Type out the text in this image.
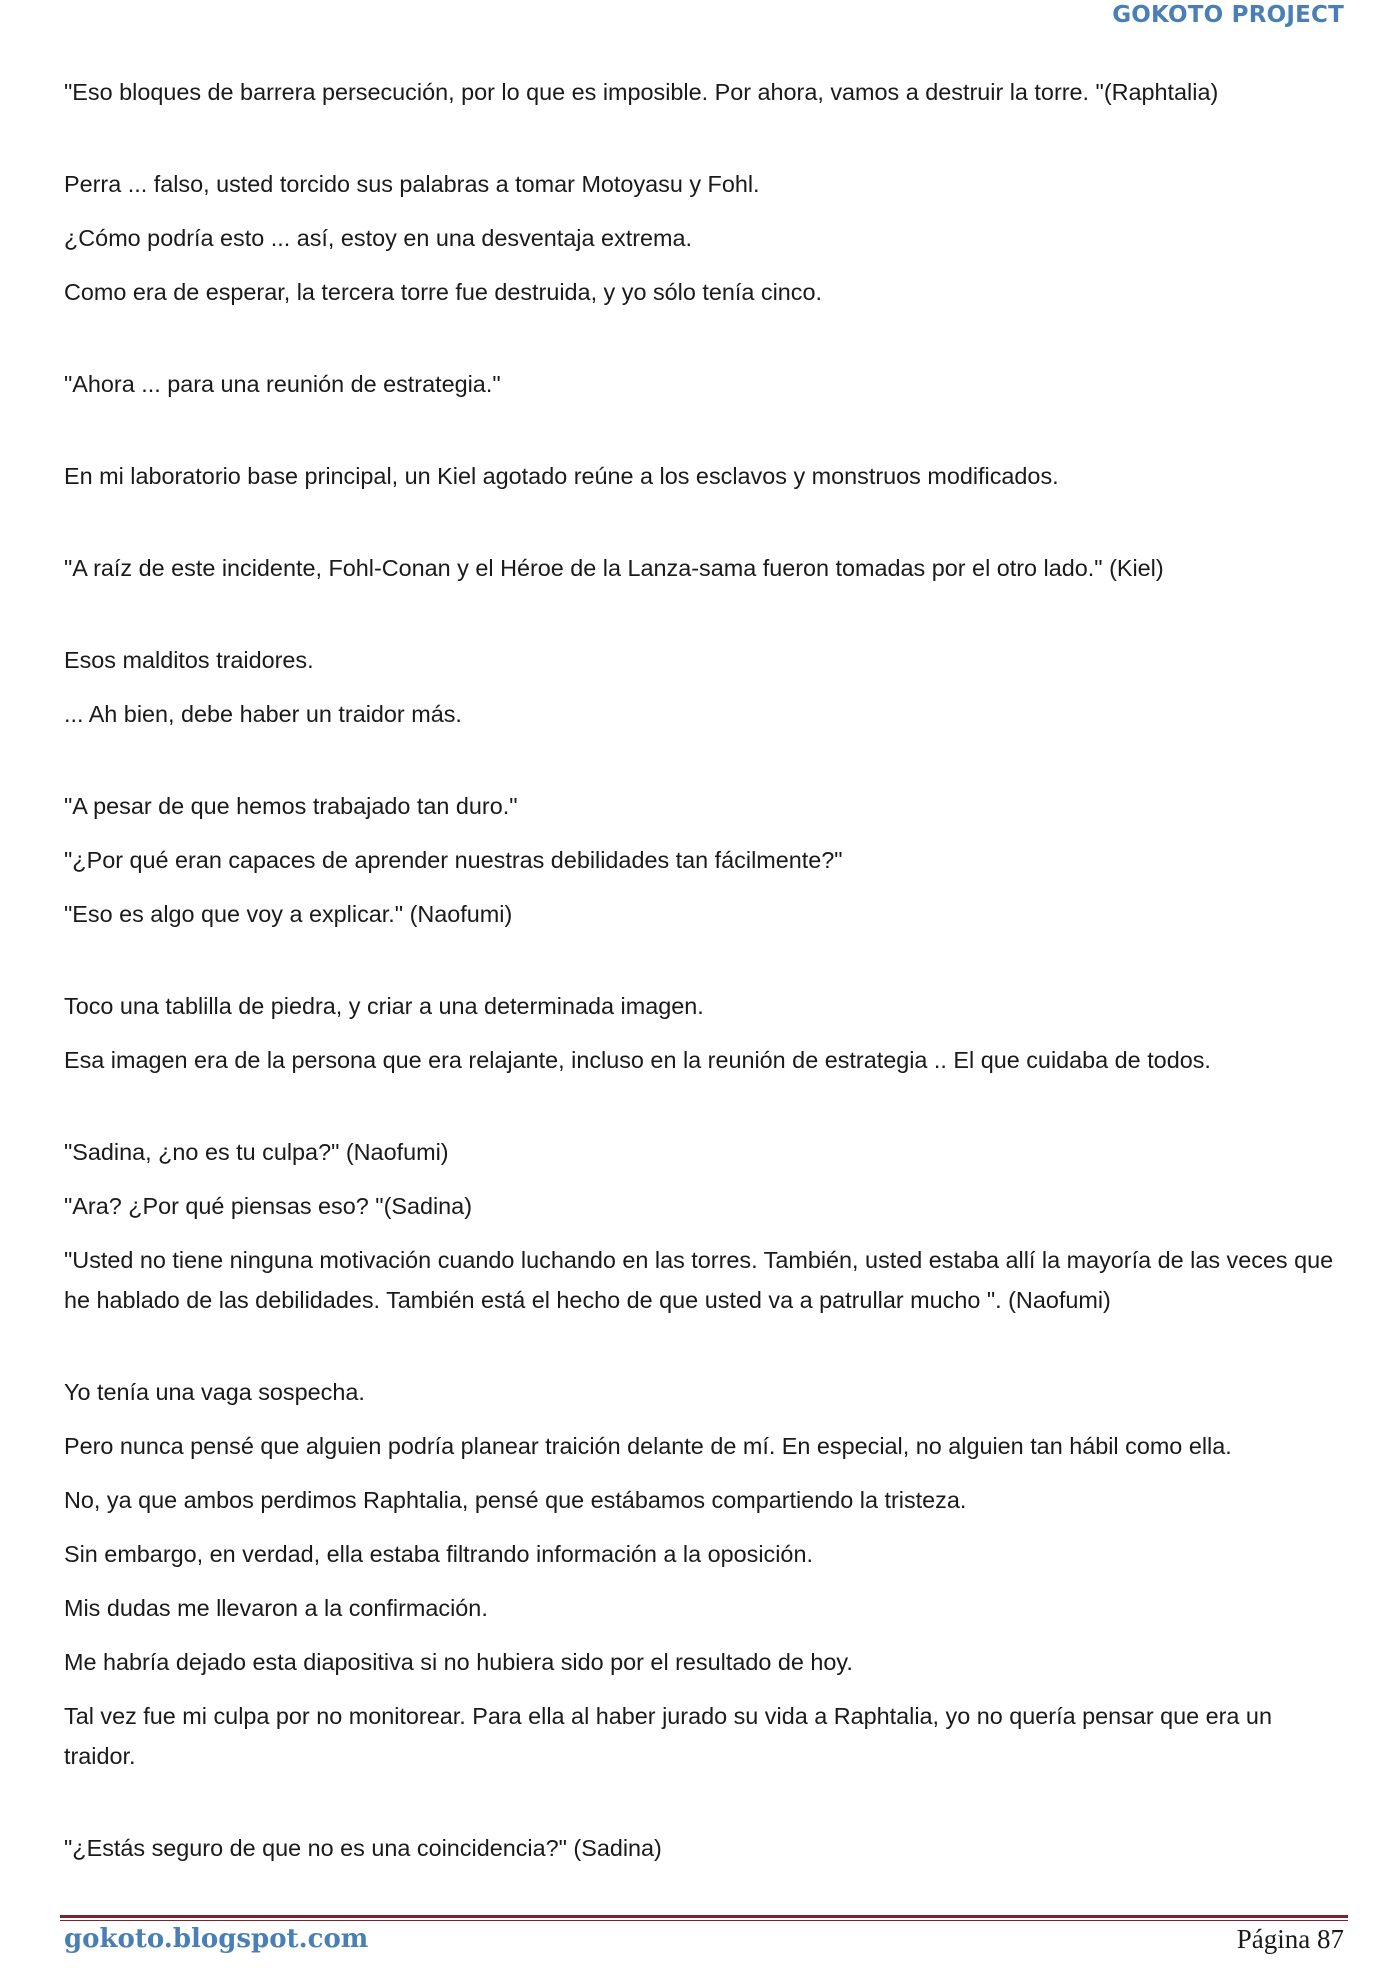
GOKOTO PROJECT

"Eso bloques de barrera persecución, por lo que es imposible. Por ahora, vamos a destruir la torre. "(Raphtalia)

Perra ... falso, usted torcido sus palabras a tomar Motoyasu y Fohl.

¿Cómo podría esto ... así, estoy en una desventaja extrema.

Como era de esperar, la tercera torre fue destruida, y yo sólo tenía cinco.

"Ahora ... para una reunión de estrategia."

En mi laboratorio base principal, un Kiel agotado reúne a los esclavos y monstruos modificados.

"A raíz de este incidente, Fohl-Conan y el Héroe de la Lanza-sama fueron tomadas por el otro lado." (Kiel)

Esos malditos traidores.

... Ah bien, debe haber un traidor más.

"A pesar de que hemos trabajado tan duro."

"¿Por qué eran capaces de aprender nuestras debilidades tan fácilmente?"

"Eso es algo que voy a explicar." (Naofumi)

Toco una tablilla de piedra, y criar a una determinada imagen.

Esa imagen era de la persona que era relajante, incluso en la reunión de estrategia .. El que cuidaba de todos.

"Sadina, ¿no es tu culpa?" (Naofumi)

"Ara? ¿Por qué piensas eso? "(Sadina)

"Usted no tiene ninguna motivación cuando luchando en las torres. También, usted estaba allí la mayoría de las veces que he hablado de las debilidades. También está el hecho de que usted va a patrullar mucho ". (Naofumi)

Yo tenía una vaga sospecha.

Pero nunca pensé que alguien podría planear traición delante de mí. En especial, no alguien tan hábil como ella.

No, ya que ambos perdimos Raphtalia, pensé que estábamos compartiendo la tristeza.

Sin embargo, en verdad, ella estaba filtrando información a la oposición.

Mis dudas me llevaron a la confirmación.

Me habría dejado esta diapositiva si no hubiera sido por el resultado de hoy.

Tal vez fue mi culpa por no monitorear. Para ella al haber jurado su vida a Raphtalia, yo no quería pensar que era un traidor.

"¿Estás seguro de que no es una coincidencia?" (Sadina)

gokoto.blogspot.com	Página 87
